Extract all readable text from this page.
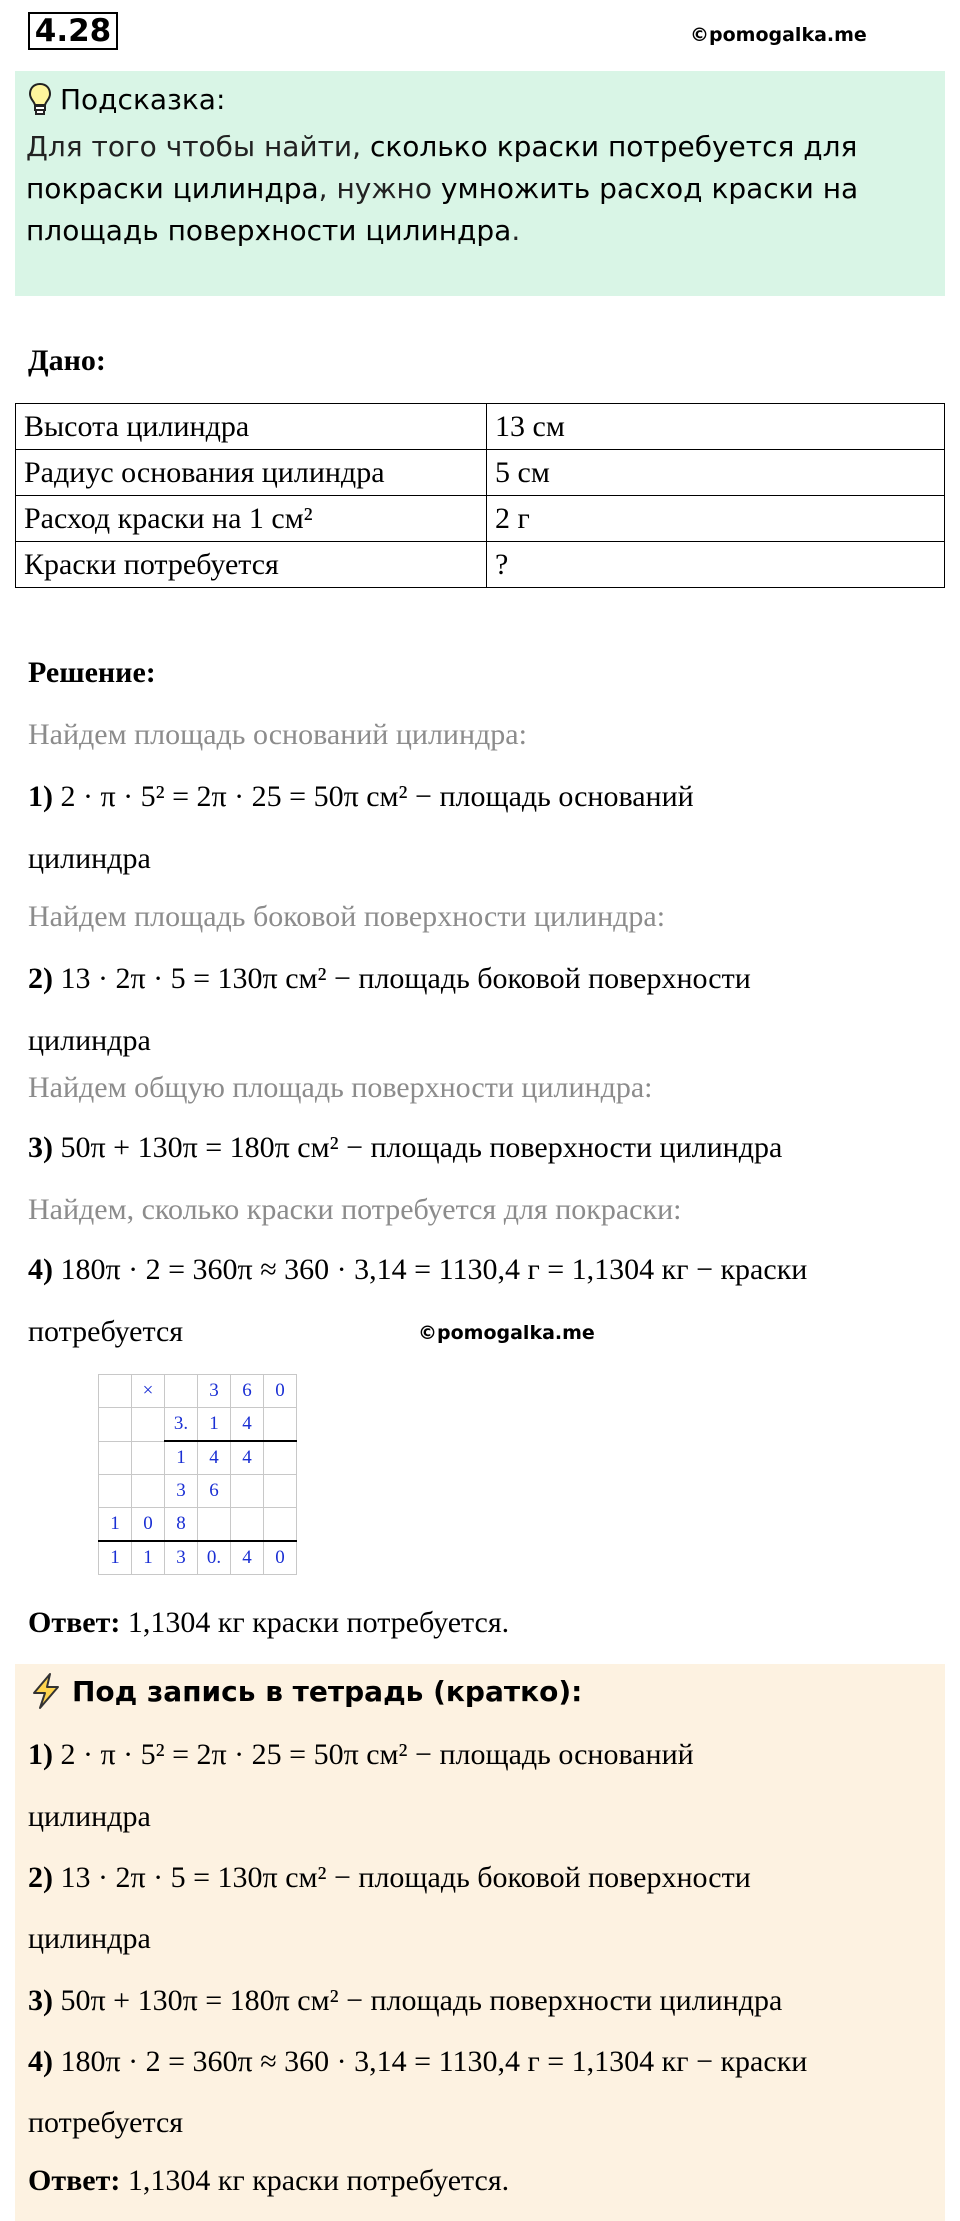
4.28	©pomogalka.me
Подсказка:
Для того чтобы найти, сколько краски потребуется для покраски цилиндра, нужно умножить расход краски на площадь поверхности цилиндра.
Дано:
Высота цилиндра	13 см
Радиус основания цилиндра	5 см
Расход краски на 1 см²	2 г
Краски потребуется	?
Решение:
Найдем площадь оснований цилиндра:
1) 2 · π · 5² = 2π · 25 = 50π см² − площадь оснований
цилиндра
Найдем площадь боковой поверхности цилиндра:
2) 13 · 2π · 5 = 130π см² − площадь боковой поверхности
цилиндра
Найдем общую площадь поверхности цилиндра:
3) 50π + 130π = 180π см² − площадь поверхности цилиндра
Найдем, сколько краски потребуется для покраски:
4) 180π · 2 = 360π ≈ 360 · 3,14 = 1130,4 г = 1,1304 кг − краски
потребуется	©pomogalka.me
	×		3	6	0
		3.	1	4	
		1	4	4	
		3	6		
1	0	8			
1	1	3	0.	4	0
Ответ: 1,1304 кг краски потребуется.
Под запись в тетрадь (кратко):
1) 2 · π · 5² = 2π · 25 = 50π см² − площадь оснований
цилиндра
2) 13 · 2π · 5 = 130π см² − площадь боковой поверхности
цилиндра
3) 50π + 130π = 180π см² − площадь поверхности цилиндра
4) 180π · 2 = 360π ≈ 360 · 3,14 = 1130,4 г = 1,1304 кг − краски
потребуется
Ответ: 1,1304 кг краски потребуется.
